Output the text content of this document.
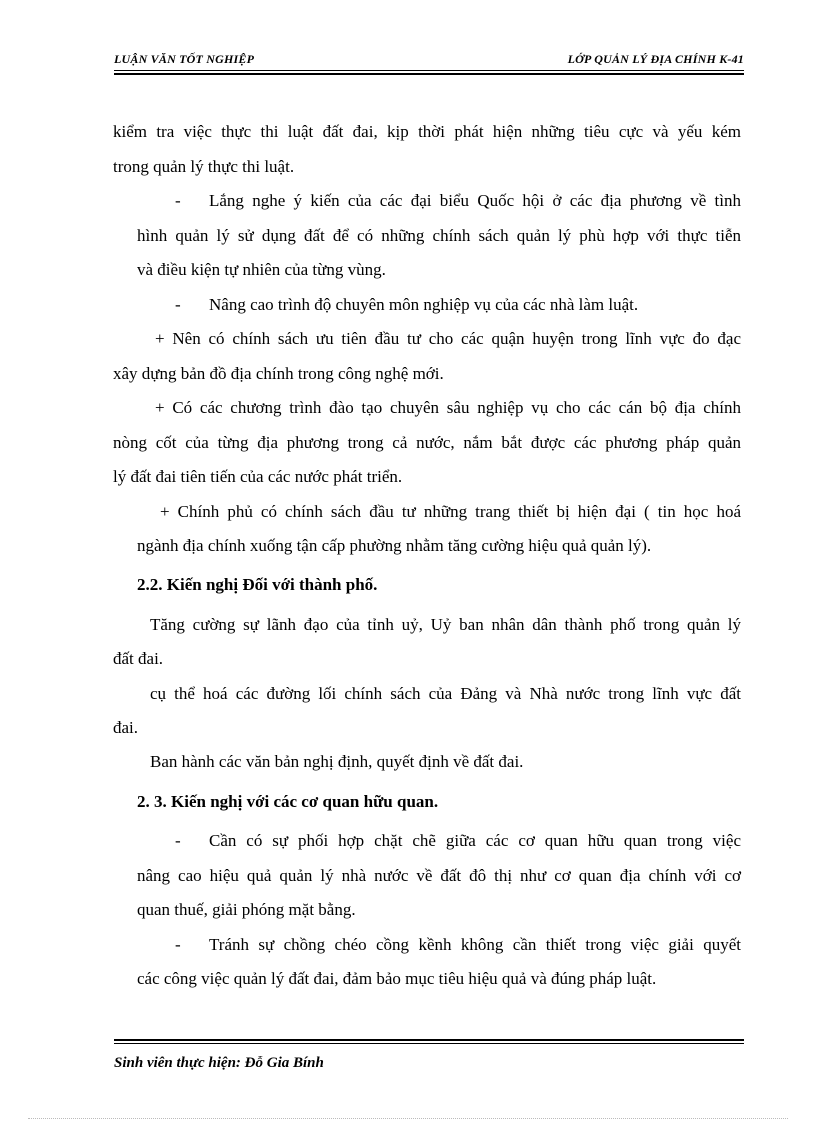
LUẬN VĂN TỐT NGHIỆP	LỚP QUẢN LÝ ĐỊA CHÍNH K-41
kiểm tra việc thực thi luật đất đai, kịp thời phát hiện những tiêu cực và yếu kém
trong quản lý thực thi luật.
- Lắng nghe ý kiến của các đại biểu Quốc hội ở các địa phương về tình
hình quản lý sử dụng đất để có những chính sách quản lý phù hợp với thực tiễn
và điều kiện tự nhiên của từng vùng.
- Nâng cao trình độ chuyên môn nghiệp vụ của các nhà làm luật.
+ Nên có chính sách ưu tiên đầu tư cho các quận huyện trong lĩnh vực đo đạc
xây dựng bản đồ địa chính trong công nghệ mới.
+ Có các chương trình đào tạo chuyên sâu nghiệp vụ cho các cán bộ địa chính
nòng cốt của từng địa phương trong cả nước, nắm bắt được các phương pháp quản
lý đất đai tiên tiến của các nước phát triển.
+ Chính phủ có chính sách đầu tư những trang thiết bị hiện đại ( tin học hoá
ngành địa chính xuống tận cấp phường nhằm tăng cường hiệu quả quản lý).
2.2. Kiến nghị Đối với thành phố.
Tăng cường sự lãnh đạo của tỉnh uỷ, Uỷ ban nhân dân thành phố trong quản lý
đất đai.
cụ thể hoá các đường lối chính sách của Đảng và Nhà nước trong lĩnh vực đất
đai.
Ban hành các văn bản nghị định, quyết định về đất đai.
2. 3. Kiến nghị với các cơ quan hữu quan.
- Cần có sự phối hợp chặt chẽ giữa các cơ quan hữu quan trong việc
nâng cao hiệu quả quản lý nhà nước về đất đô thị như cơ quan địa chính với cơ
quan thuế, giải phóng mặt bằng.
- Tránh sự chồng chéo cồng kềnh không cần thiết trong việc giải quyết
các công việc quản lý đất đai, đảm bảo mục tiêu hiệu quả và đúng pháp luật.
Sinh viên thực hiện: Đỗ Gia Bính
